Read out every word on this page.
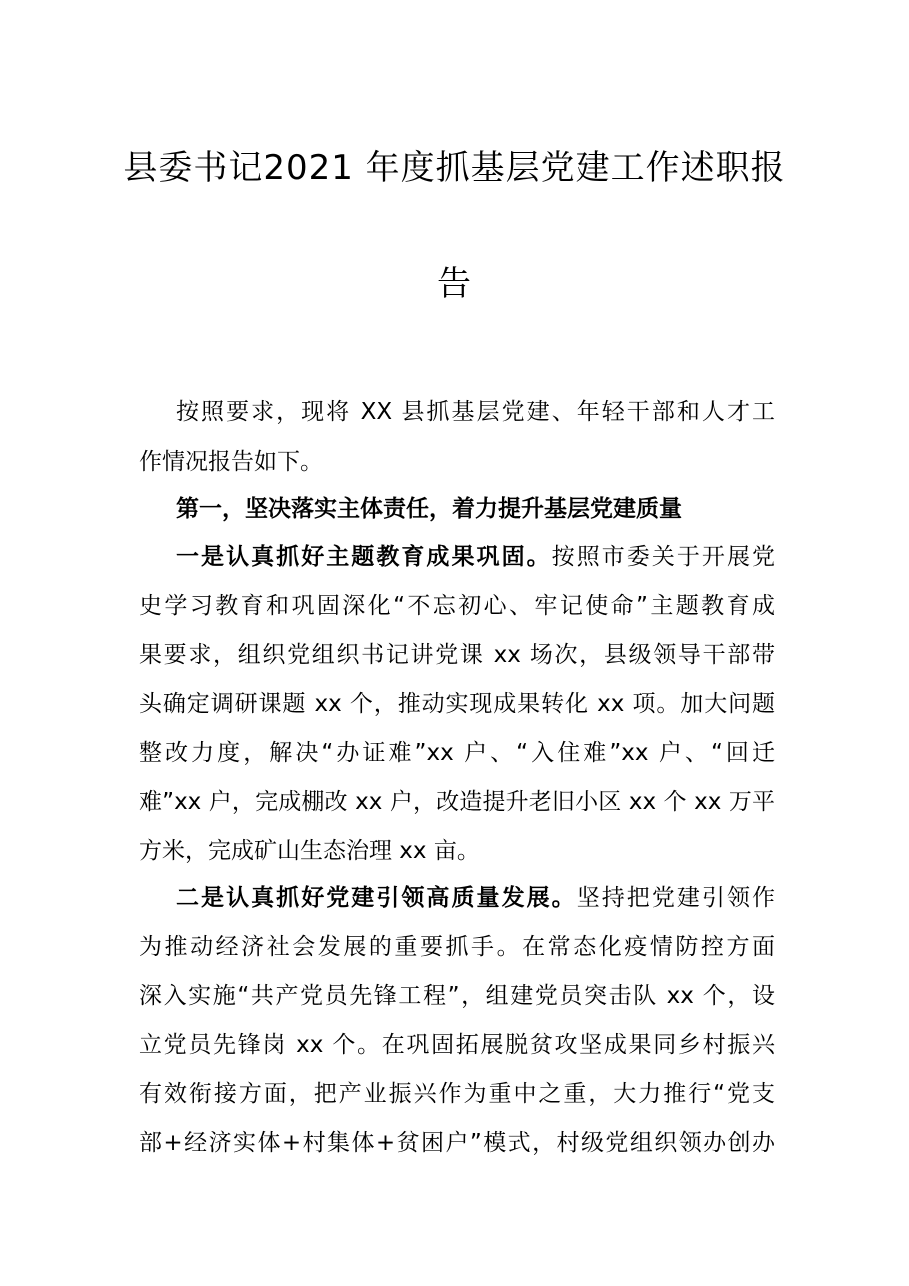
县委书记2021 年度抓基层党建工作述职报
告
按照要求，现将 XX 县抓基层党建、年轻干部和人才工
作情况报告如下。
第一，坚决落实主体责任，着力提升基层党建质量
一是认真抓好主题教育成果巩固。按照市委关于开展党
史学习教育和巩固深化“不忘初心、牢记使命”主题教育成
果要求，组织党组织书记讲党课 xx 场次，县级领导干部带
头确定调研课题 xx 个，推动实现成果转化 xx 项。加大问题
整改力度，解决“办证难”xx 户、“入住难”xx 户、“回迁
难”xx 户，完成棚改 xx 户，改造提升老旧小区 xx 个 xx 万平
方米，完成矿山生态治理 xx 亩。
二是认真抓好党建引领高质量发展。坚持把党建引领作
为推动经济社会发展的重要抓手。在常态化疫情防控方面
深入实施“共产党员先锋工程”，组建党员突击队 xx 个，设
立党员先锋岗 xx 个。在巩固拓展脱贫攻坚成果同乡村振兴
有效衔接方面，把产业振兴作为重中之重，大力推行“党支
部+经济实体+村集体+贫困户”模式，村级党组织领办创办
